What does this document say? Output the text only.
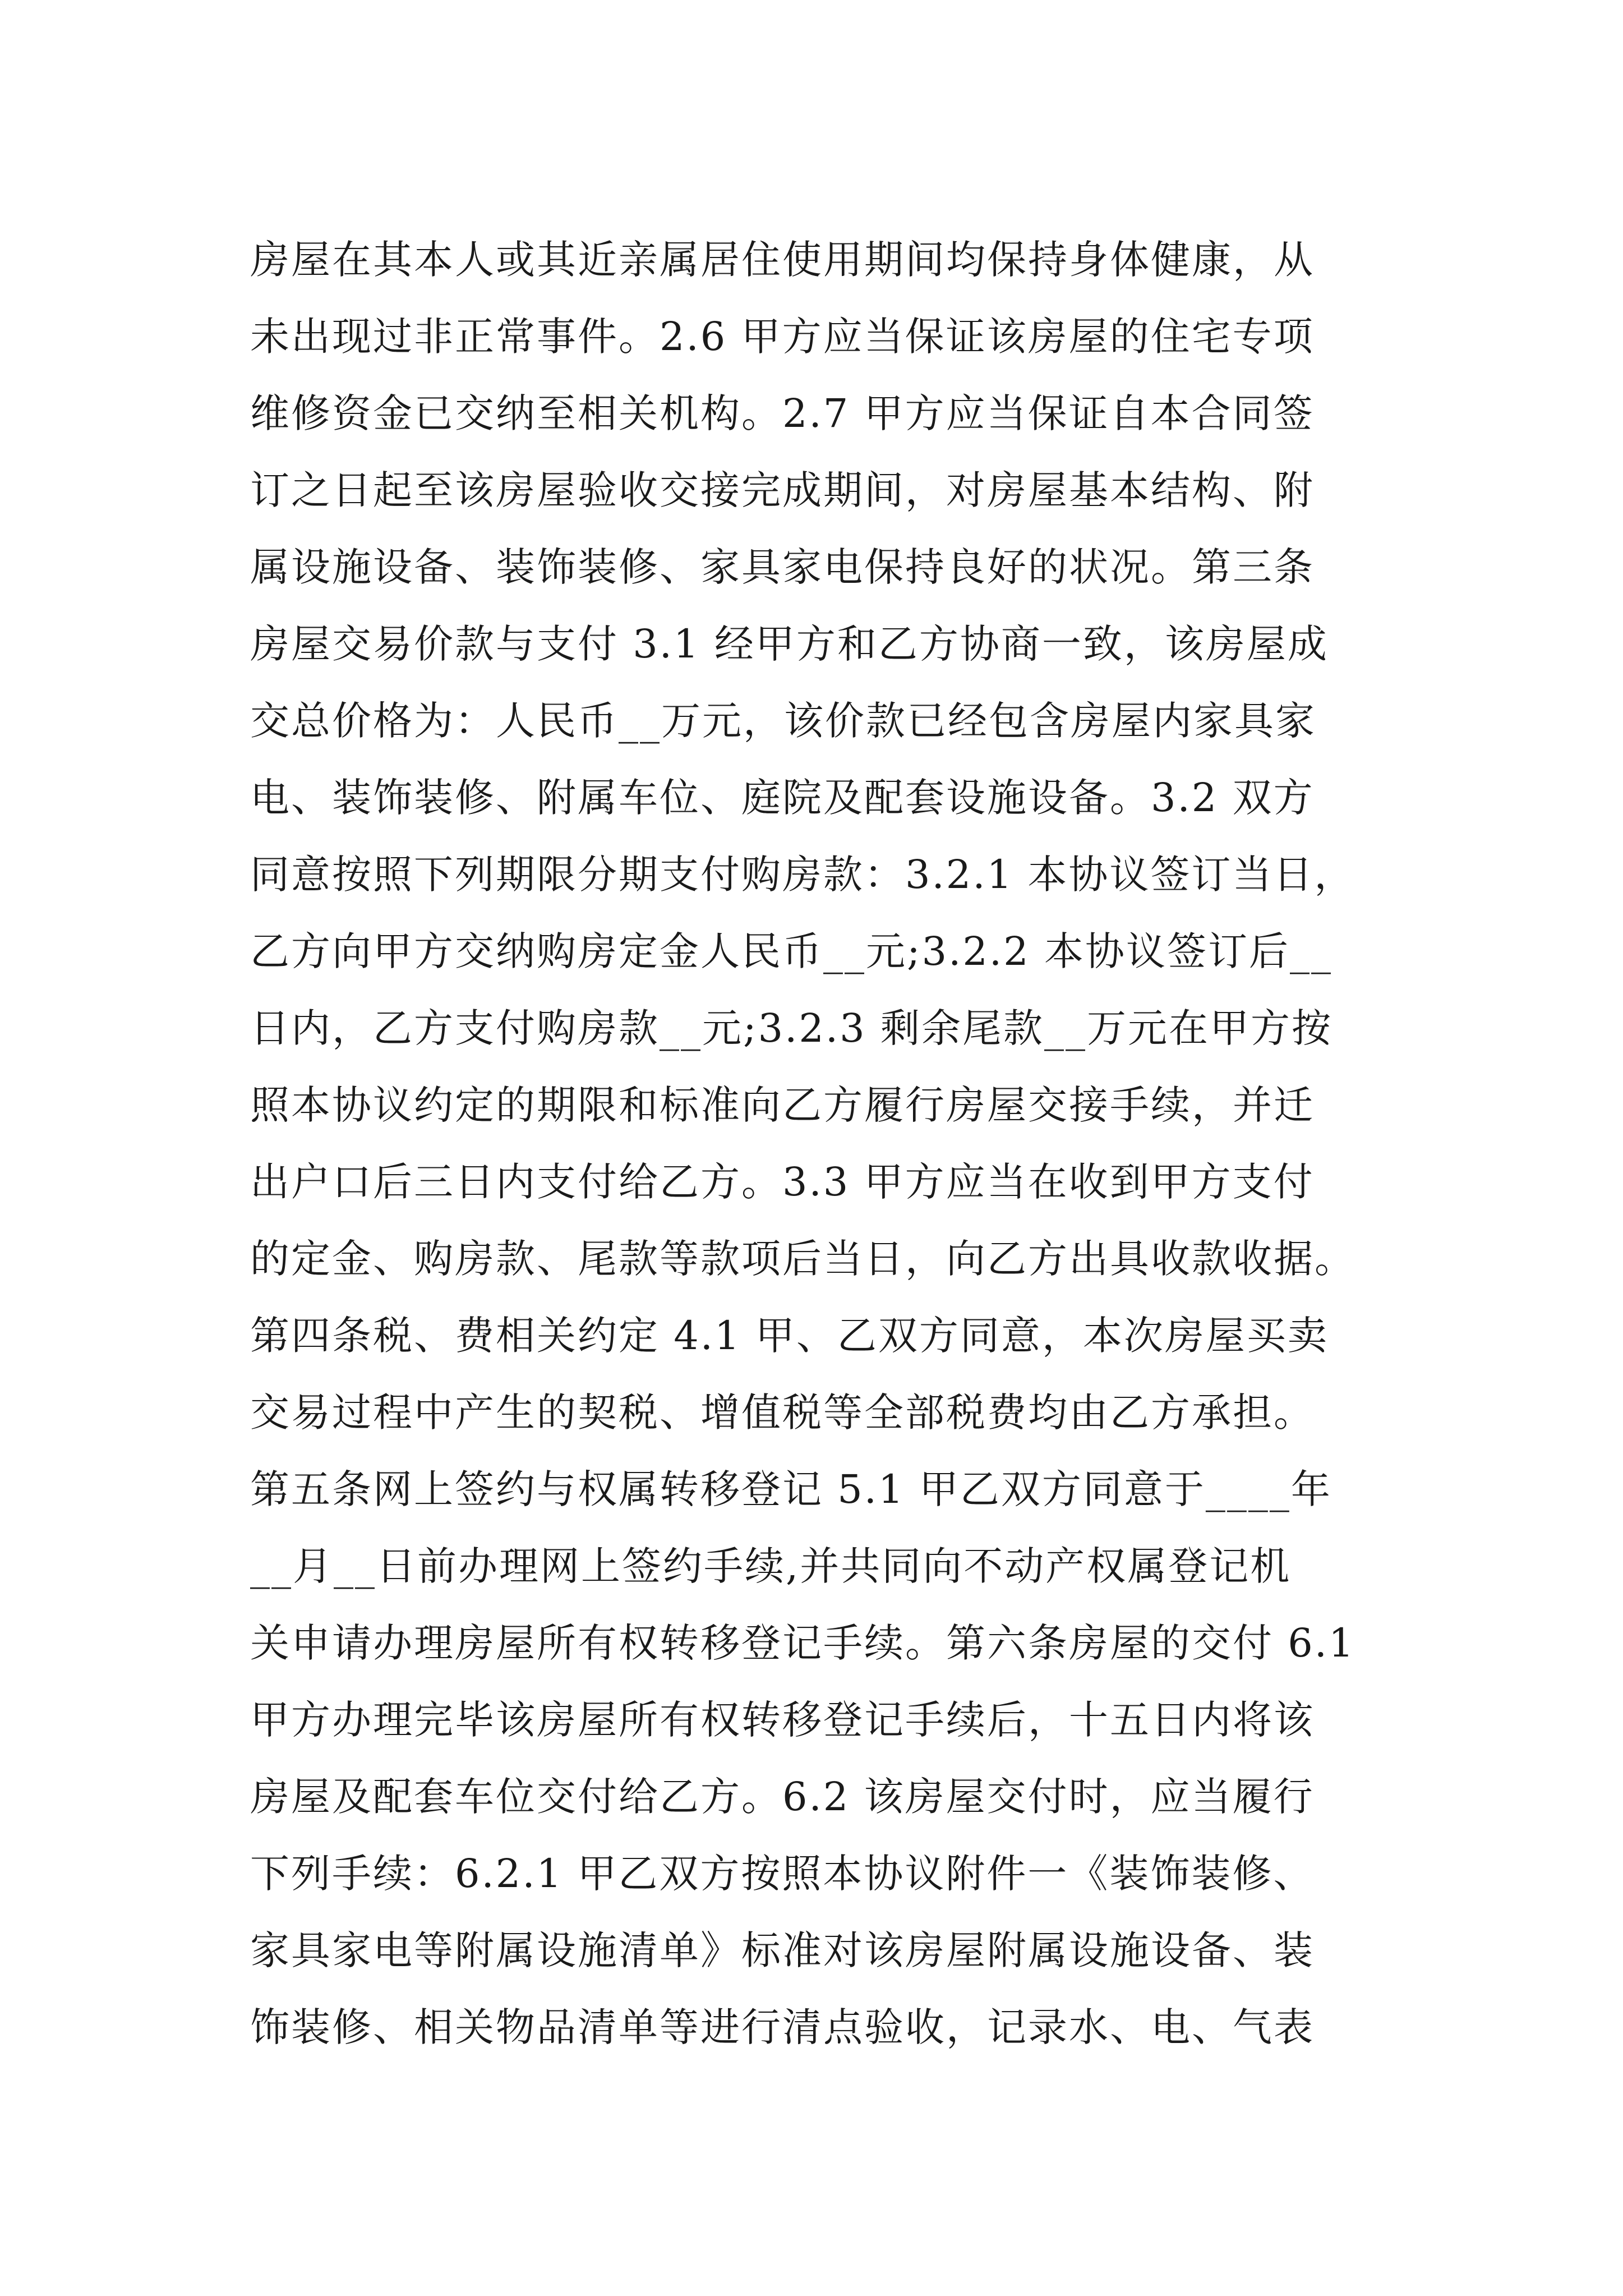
房屋在其本人或其近亲属居住使用期间均保持身体健康，从
未出现过非正常事件。2.6 甲方应当保证该房屋的住宅专项
维修资金已交纳至相关机构。2.7 甲方应当保证自本合同签
订之日起至该房屋验收交接完成期间，对房屋基本结构、附
属设施设备、装饰装修、家具家电保持良好的状况。第三条
房屋交易价款与支付 3.1 经甲方和乙方协商一致，该房屋成
交总价格为：人民币__万元，该价款已经包含房屋内家具家
电、装饰装修、附属车位、庭院及配套设施设备。3.2 双方
同意按照下列期限分期支付购房款：3.2.1 本协议签订当日，
乙方向甲方交纳购房定金人民币__元;3.2.2 本协议签订后__
日内，乙方支付购房款__元;3.2.3 剩余尾款__万元在甲方按
照本协议约定的期限和标准向乙方履行房屋交接手续，并迁
出户口后三日内支付给乙方。3.3 甲方应当在收到甲方支付
的定金、购房款、尾款等款项后当日，向乙方出具收款收据。
第四条税、费相关约定 4.1 甲、乙双方同意，本次房屋买卖
交易过程中产生的契税、增值税等全部税费均由乙方承担。
第五条网上签约与权属转移登记 5.1 甲乙双方同意于____年
__月__日前办理网上签约手续,并共同向不动产权属登记机
关申请办理房屋所有权转移登记手续。第六条房屋的交付 6.1
甲方办理完毕该房屋所有权转移登记手续后，十五日内将该
房屋及配套车位交付给乙方。6.2 该房屋交付时，应当履行
下列手续：6.2.1 甲乙双方按照本协议附件一《装饰装修、
家具家电等附属设施清单》标准对该房屋附属设施设备、装
饰装修、相关物品清单等进行清点验收，记录水、电、气表
